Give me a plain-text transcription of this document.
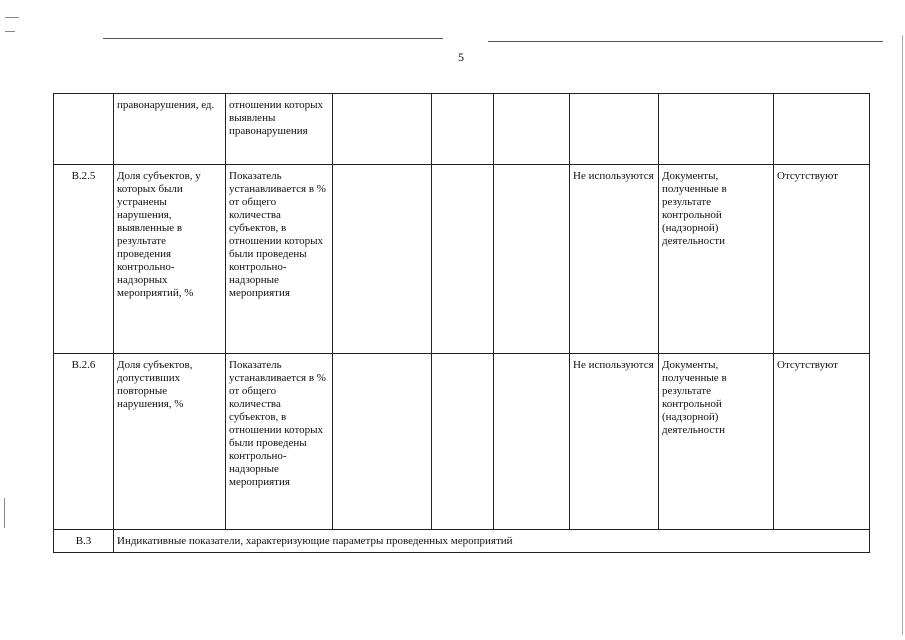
5
	правонарушения, ед.	отношении которых выявлены правонарушения						
В.2.5	Доля субъектов, у которых были устранены нарушения, выявленные в результате проведения контрольно-надзорных мероприятий, %	Показатель устанавливается в % от общего количества субъектов, в отношении которых были проведены контрольно-надзорные мероприятия				Не используются	Документы, полученные в результате контрольной (надзорной) деятельности	Отсутствуют
В.2.6	Доля субъектов, допустивших повторные нарушения, %	Показатель устанавливается в % от общего количества субъектов, в отношении которых были проведены контрольно-надзорные мероприятия				Не используются	Документы, полученные в результате контрольной (надзорной) деятельностн	Отсутствуют
В.3	Индикативные показатели, характеризующие параметры проведенных мероприятий							
